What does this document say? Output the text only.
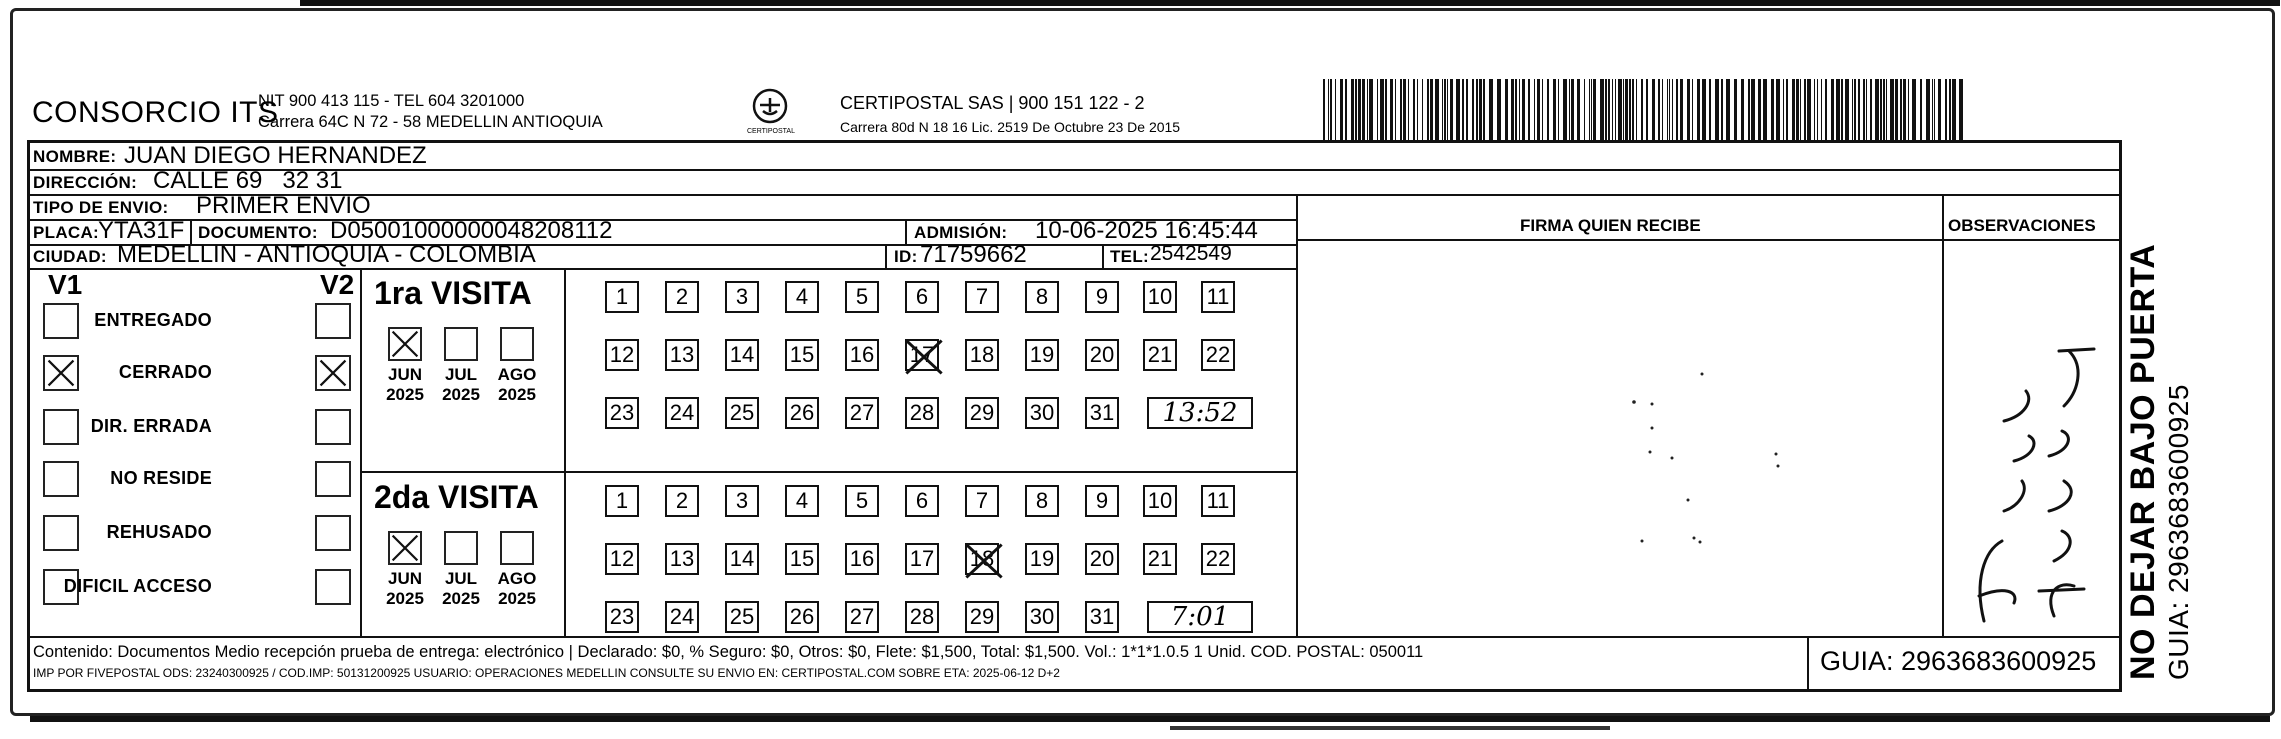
CONSORCIO ITS
NIT 900 413 115 - TEL 604 3201000
Carrera 64C N 72 - 58 MEDELLIN ANTIOQUIA
CERTIPOSTAL
CERTIPOSTAL SAS | 900 151 122 - 2
Carrera 80d N 18 16 Lic. 2519 De Octubre 23 De 2015
NOMBRE: JUAN DIEGO HERNANDEZ
DIRECCIÓN: CALLE 69   32 31
TIPO DE ENVIO: PRIMER ENVIO
PLACA:
YTA31F DOCUMENTO: D05001000000048208112	ADMISIÓN: 10-06-2025 16:45:44
CIUDAD: MEDELLIN - ANTIOQUIA - COLOMBIA	ID: 71759662	TEL: 2542549
FIRMA QUIEN RECIBE	OBSERVACIONES
V1	V2
ENTREGADO
CERRADO
DIR. ERRADA
NO RESIDE
REHUSADO
DIFICIL ACCESO
1ra VISITA
JUN
2025
JUL
2025
AGO
2025
1	2	3	4	5	6	7	8	9	10 11
12 13 14 15 16 17 18 19 20 21 22
23 24 25 26 27 28 29 30 31	13:52
2da VISITA
JUN
2025
JUL
2025
AGO
2025
1	2	3	4	5	6	7	8	9	10 11
12 13 14 15 16 17 18 19 20 21 22
23 24 25 26 27 28 29 30 31	7:01
Contenido: Documentos Medio recepción prueba de entrega: electrónico | Declarado: $0, % Seguro: $0, Otros: $0, Flete: $1,500, Total: $1,500. Vol.: 1*1*1.0.5 1 Unid. COD. POSTAL: 050011
IMP POR FIVEPOSTAL ODS: 23240300925 / COD.IMP: 50131200925 USUARIO: OPERACIONES MEDELLIN CONSULTE SU ENVIO EN: CERTIPOSTAL.COM SOBRE ETA: 2025-06-12 D+2	GUIA: 2963683600925 NO DEJAR BAJO PUERTA GUIA: 2963683600925
